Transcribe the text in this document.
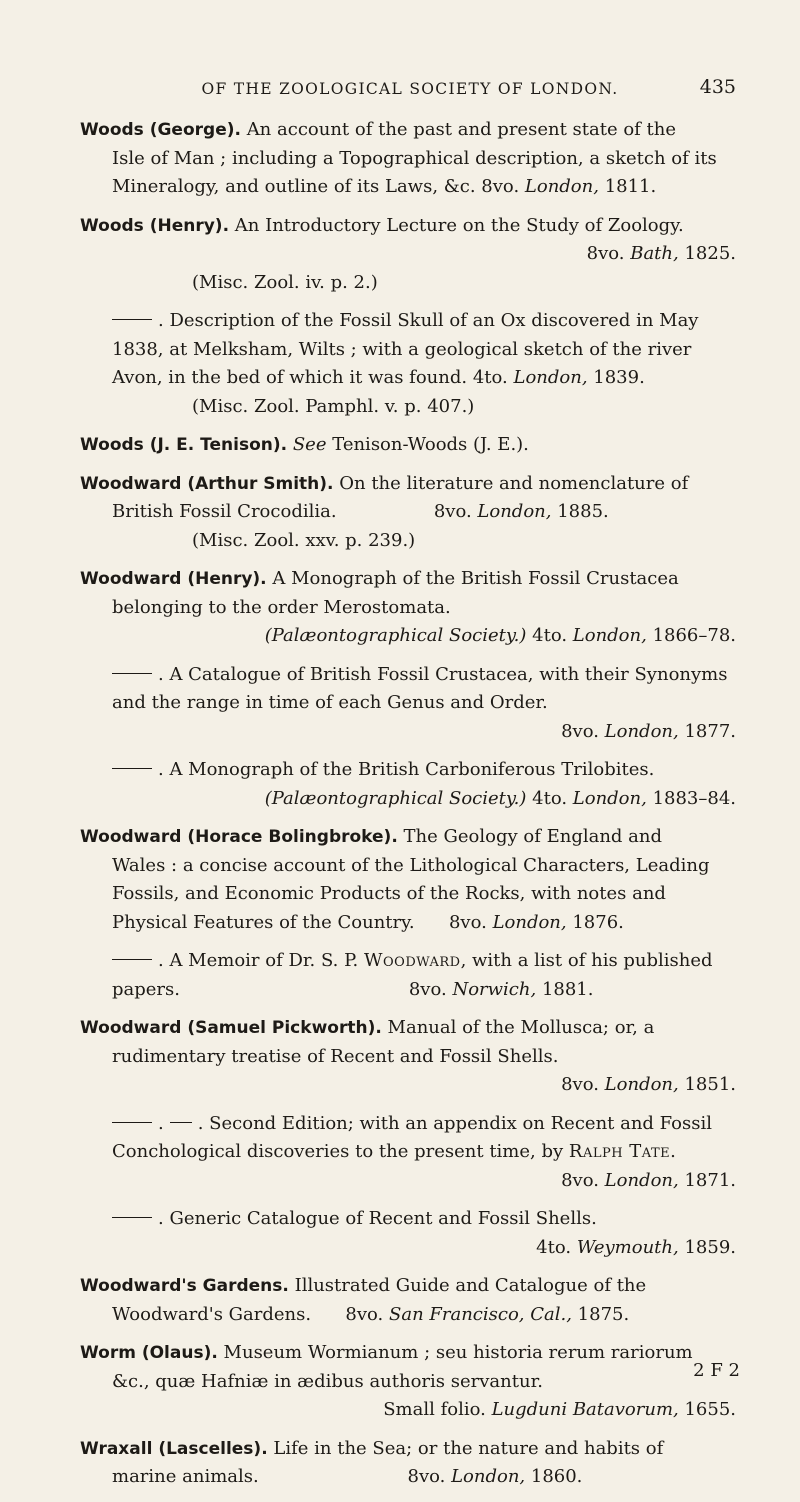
OF THE ZOOLOGICAL SOCIETY OF LONDON.	435

Woods (George). An account of the past and present state of the
Isle of Man ; including a Topographical description, a sketch of its
Mineralogy, and outline of its Laws, &c. 8vo. London, 1811.

Woods (Henry). An Introductory Lecture on the Study of Zoology.
8vo. Bath, 1825.
(Misc. Zool. iv. p. 2.)

. Description of the Fossil Skull of an Ox discovered in May
1838, at Melksham, Wilts ; with a geological sketch of the river
Avon, in the bed of which it was found. 4to. London, 1839.
(Misc. Zool. Pamphl. v. p. 407.)

Woods (J. E. Tenison). See Tenison-Woods (J. E.).

Woodward (Arthur Smith). On the literature and nomenclature of
British Fossil Crocodilia.                 8vo. London, 1885.
(Misc. Zool. xxv. p. 239.)

Woodward (Henry). A Monograph of the British Fossil Crustacea
belonging to the order Merostomata.
(Palæontographical Society.) 4to. London, 1866–78.

. A Catalogue of British Fossil Crustacea, with their Synonyms
and the range in time of each Genus and Order.
8vo. London, 1877.

. A Monograph of the British Carboniferous Trilobites.
(Palæontographical Society.) 4to. London, 1883–84.

Woodward (Horace Bolingbroke). The Geology of England and
Wales : a concise account of the Lithological Characters, Leading
Fossils, and Economic Products of the Rocks, with notes and
Physical Features of the Country.      8vo. London, 1876.

. A Memoir of Dr. S. P. Woodward, with a list of his published
papers.                                        8vo. Norwich, 1881.

Woodward (Samuel Pickworth). Manual of the Mollusca; or, a
rudimentary treatise of Recent and Fossil Shells.
8vo. London, 1851.

. . Second Edition; with an appendix on Recent and Fossil
Conchological discoveries to the present time, by Ralph Tate.
8vo. London, 1871.

. Generic Catalogue of Recent and Fossil Shells.
4to. Weymouth, 1859.

Woodward's Gardens. Illustrated Guide and Catalogue of the
Woodward's Gardens.      8vo. San Francisco, Cal., 1875.

Worm (Olaus). Museum Wormianum ; seu historia rerum rariorum
&c., quæ Hafniæ in ædibus authoris servantur.
Small folio. Lugduni Batavorum, 1655.

Wraxall (Lascelles). Life in the Sea; or the nature and habits of
marine animals.                          8vo. London, 1860.

2 F 2
